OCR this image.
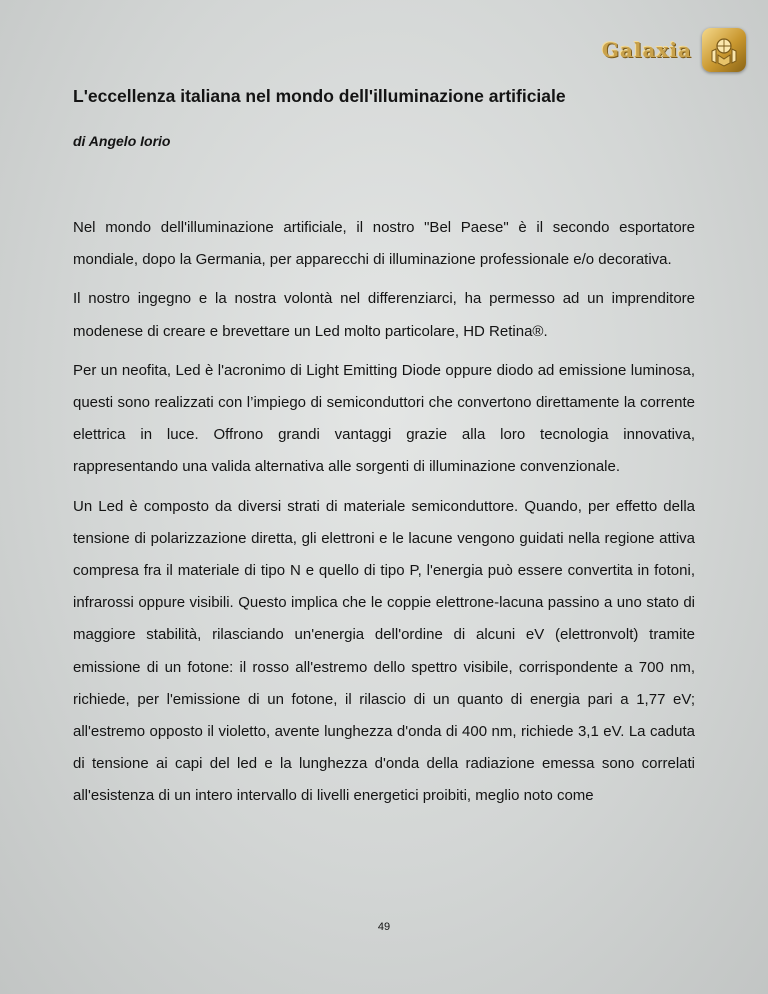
Galaxia
L'eccellenza italiana nel mondo dell'illuminazione artificiale
di Angelo Iorio

Nel mondo dell'illuminazione artificiale, il nostro "Bel Paese" è il secondo esportatore mondiale, dopo la Germania, per apparecchi di illuminazione professionale e/o decorativa.

Il nostro ingegno e la nostra volontà nel differenziarci, ha permesso ad un imprenditore modenese di creare e brevettare un Led molto particolare, HD Retina®.

Per un neofita, Led è l'acronimo di Light Emitting Diode oppure diodo ad emissione luminosa, questi sono realizzati con l’impiego di semiconduttori che convertono direttamente la corrente elettrica in luce. Offrono grandi vantaggi grazie alla loro tecnologia innovativa, rappresentando una valida alternativa alle sorgenti di illuminazione convenzionale.

Un Led è composto da diversi strati di materiale semiconduttore. Quando, per effetto della tensione di polarizzazione diretta, gli elettroni e le lacune vengono guidati nella regione attiva compresa fra il materiale di tipo N e quello di tipo P, l'energia può essere convertita in fotoni, infrarossi oppure visibili. Questo implica che le coppie elettrone-lacuna passino a uno stato di maggiore stabilità, rilasciando un'energia dell'ordine di alcuni eV (elettronvolt) tramite emissione di un fotone: il rosso all'estremo dello spettro visibile, corrispondente a 700 nm, richiede, per l'emissione di un fotone, il rilascio di un quanto di energia pari a 1,77 eV; all'estremo opposto il violetto, avente lunghezza d'onda di 400 nm, richiede 3,1 eV. La caduta di tensione ai capi del led e la lunghezza d'onda della radiazione emessa sono correlati all'esistenza di un intero intervallo di livelli energetici proibiti, meglio noto come

49
